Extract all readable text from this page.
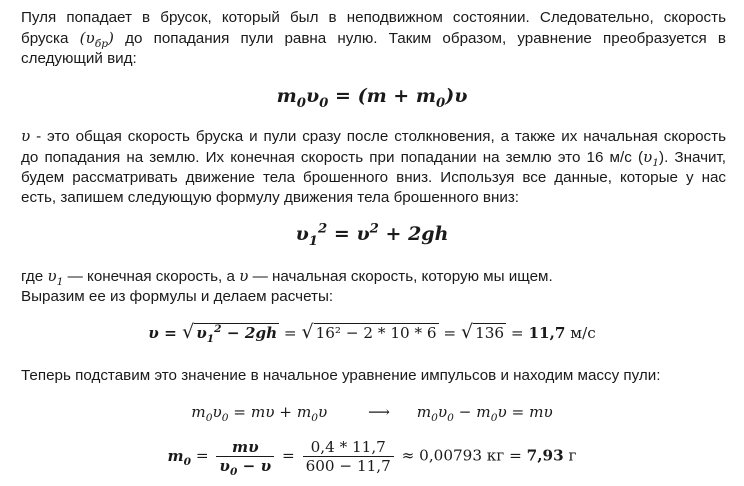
Пуля попадает в брусок, который был в неподвижном состоянии. Следовательно, скорость
бруска $(\upsilon_{бр})$ до попадания пули равна нулю. Таким образом, уравнение преобразуется в
следующий вид:
$m_0\upsilon_0 = (m + m_0)\upsilon$
υ - это общая скорость бруска и пули сразу после столкновения, а также их начальная скорость
до попадания на землю. Их конечная скорость при попадании на землю это 16 м/с $(\upsilon_1)$. Значит,
будем рассматривать движение тела брошенного вниз. Используя все данные, которые у нас
есть, запишем следующую формулу движения тела брошенного вниз:
$\upsilon_1^2 = \upsilon^2 + 2gh$
где $\upsilon_1$ — конечная скорость, а υ — начальная скорость, которую мы ищем.
Выразим ее из формулы и делаем расчеты:
υ = √ $\upsilon_1^2 - 2gh$ = √ 16² − 2 * 10 * 6 = √ 136 = 11,7 м/с
Теперь подставим это значение в начальное уравнение импульсов и находим массу пули:
$m_0\upsilon_0 = m\upsilon + m_0\upsilon$	⟶ $m_0\upsilon_0 - m_0\upsilon = m\upsilon$
$m_0 = \frac{m\upsilon}{\upsilon_0 - \upsilon} = \frac{0,4 * 11,7}{600 - 11,7} \approx 0,00793$ кг = 7,93 г
